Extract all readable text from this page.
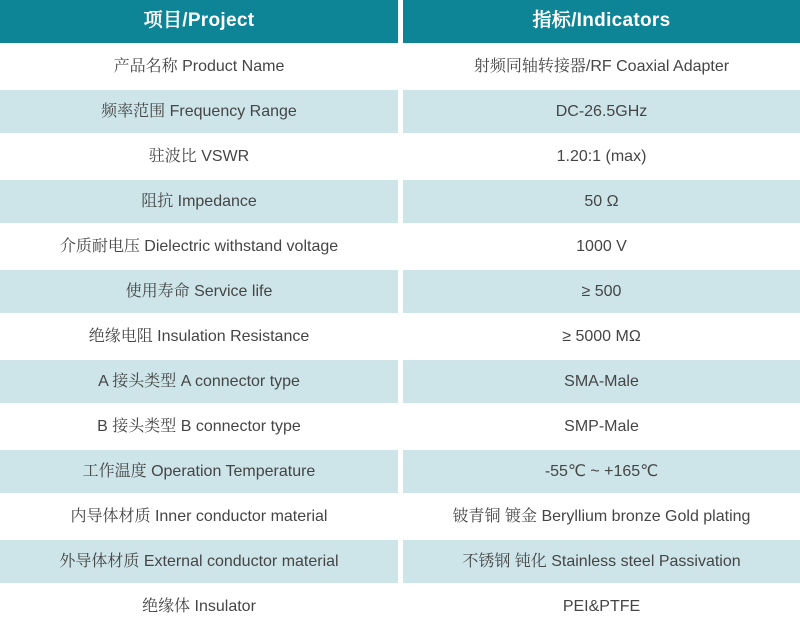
项目/Project	指标/Indicators
产品名称 Product Name	射频同轴转接器/RF Coaxial Adapter
频率范围 Frequency Range	DC-26.5GHz
驻波比 VSWR	1.20:1 (max)
阻抗 Impedance	50 Ω
介质耐电压 Dielectric withstand voltage	1000 V
使用寿命 Service life	≥ 500
绝缘电阻 Insulation Resistance	≥ 5000 MΩ
A 接头类型 A connector type	SMA-Male
B 接头类型 B connector type	SMP-Male
工作温度 Operation Temperature	-55℃ ~ +165℃
内导体材质 Inner conductor material	铍青铜 镀金 Beryllium bronze Gold plating
外导体材质 External conductor material	不锈钢 钝化 Stainless steel Passivation
绝缘体 Insulator	PEI&PTFE
